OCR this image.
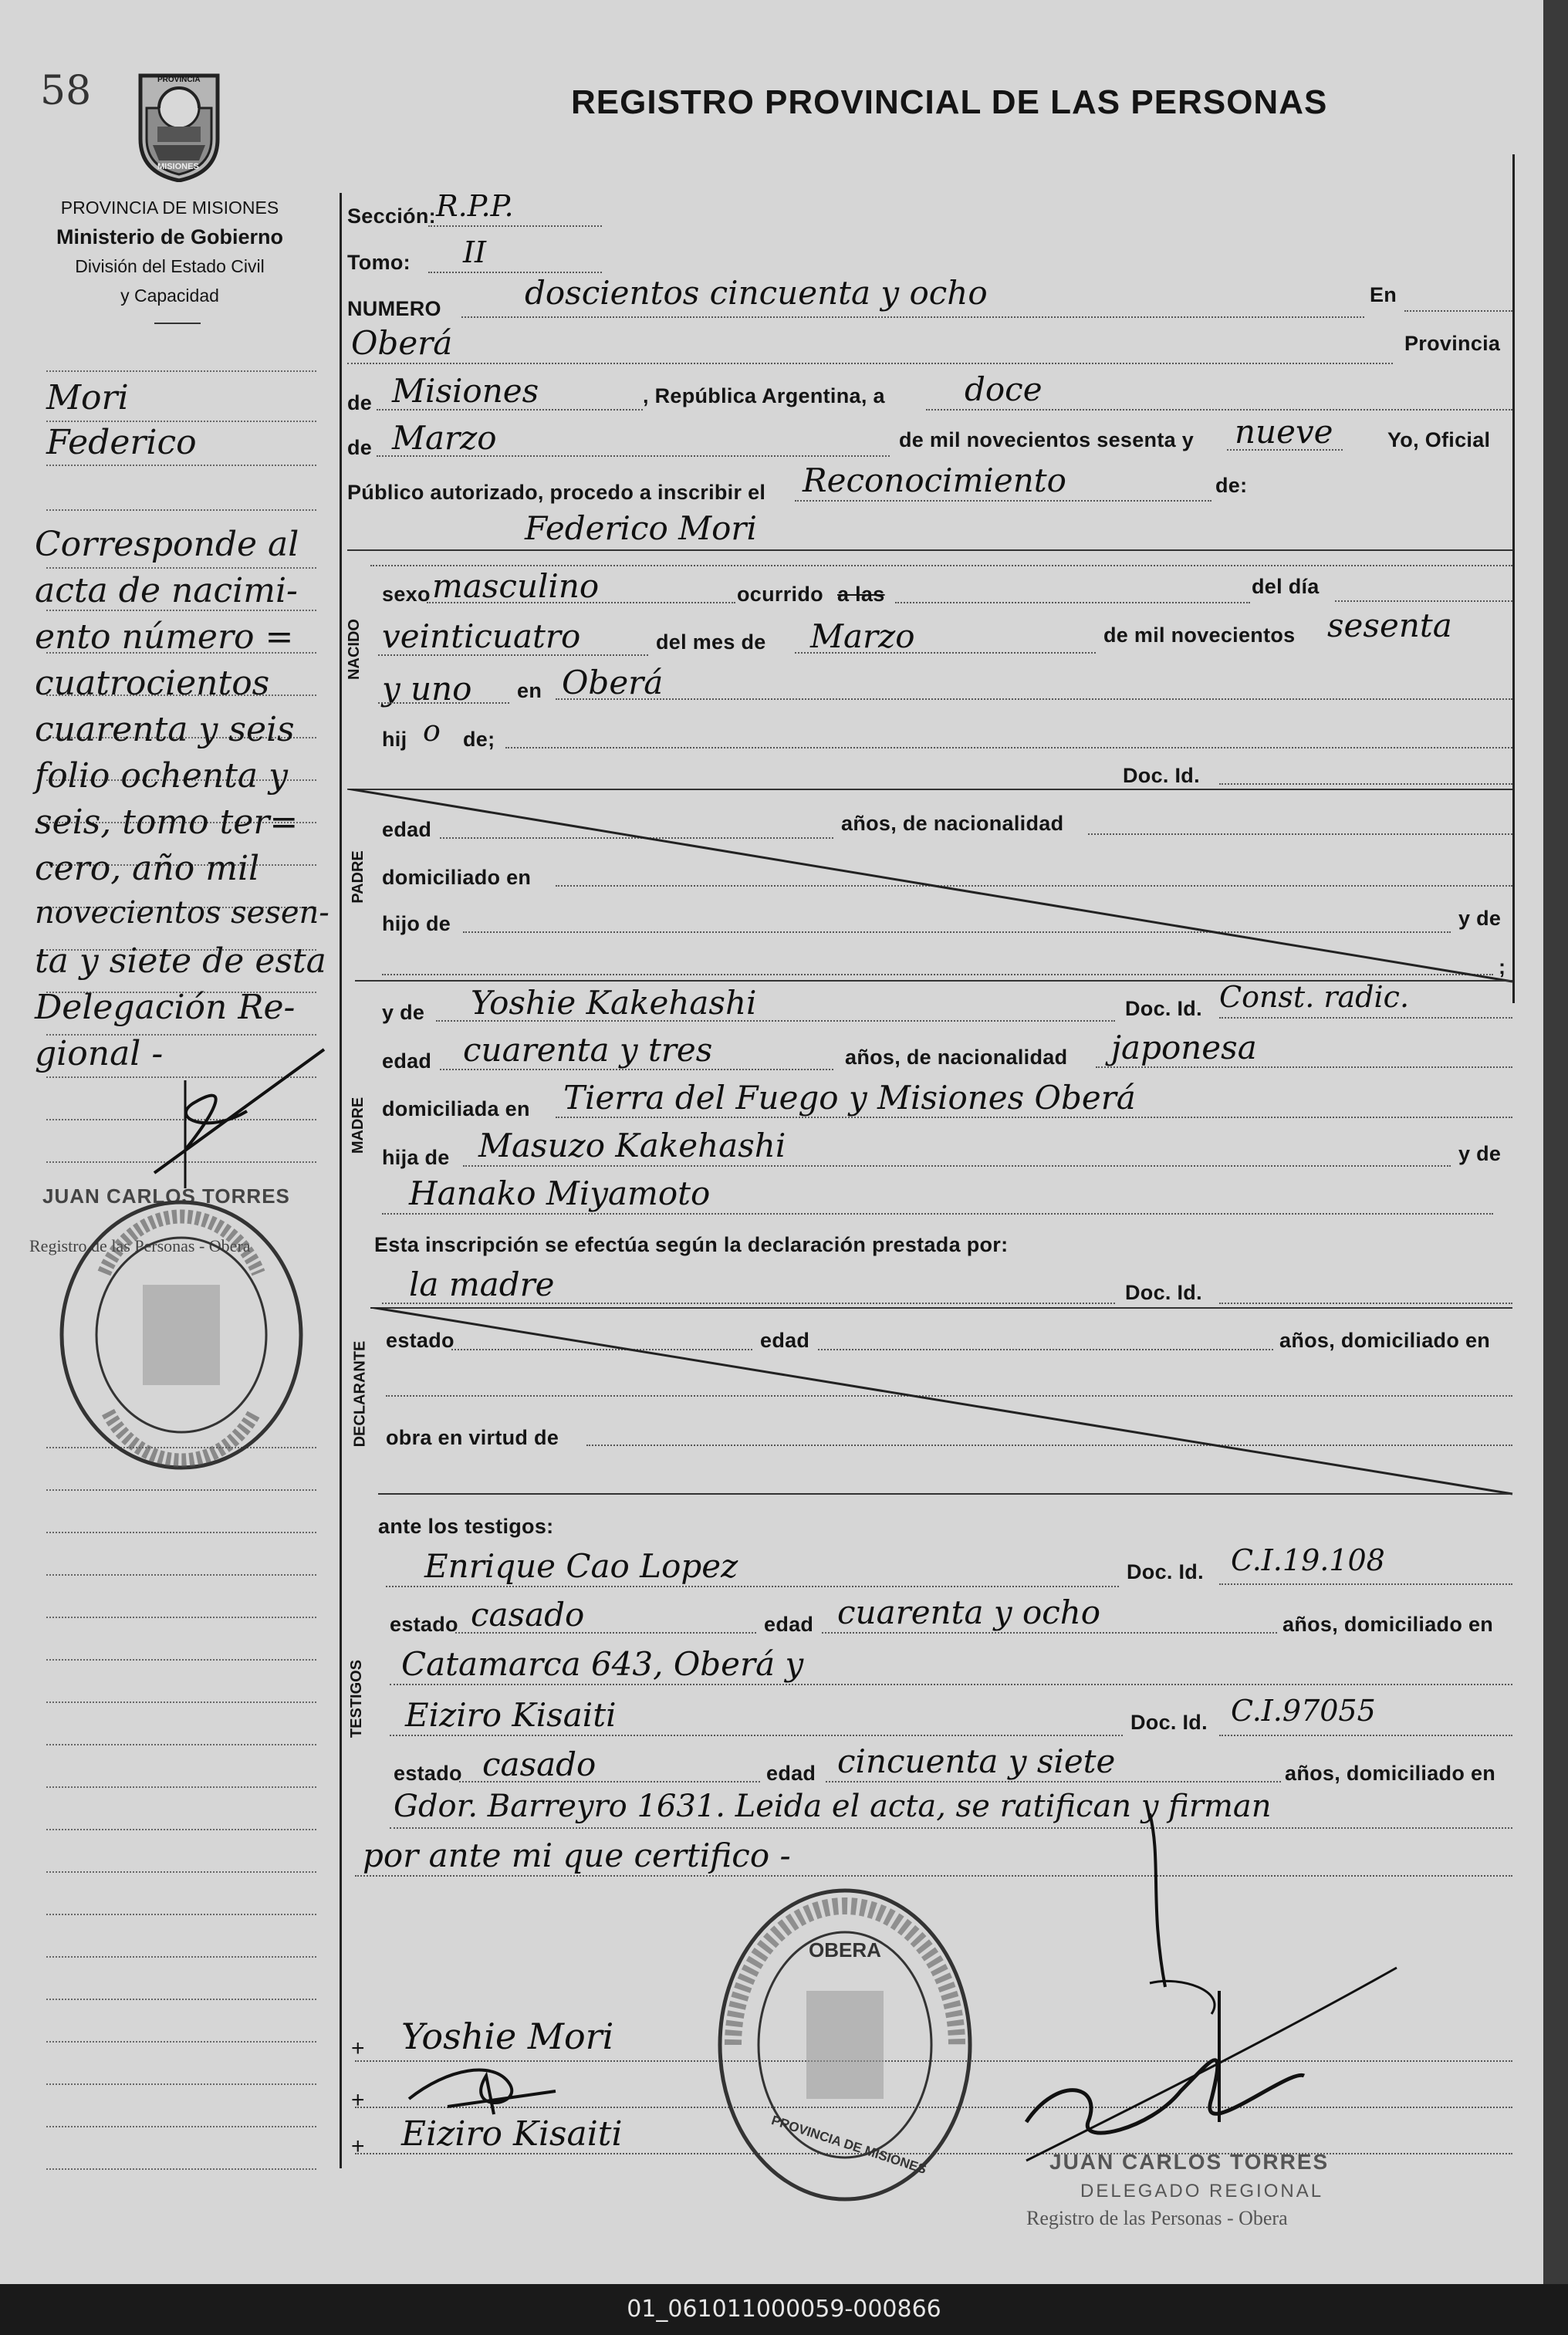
58	PROVINCIA
MISIONES
REGISTRO PROVINCIAL DE LAS PERSONAS
PROVINCIA DE MISIONES
Ministerio de Gobierno
División del Estado Civil
y Capacidad
Mori
Federico
Corresponde al
acta de nacimi-
ento número =
cuatrocientos
cuarenta y seis
folio ochenta y
seis, tomo ter=
cero, año mil
novecientos sesen-
ta y siete de esta
Delegación Re-
gional -
JUAN CARLOS TORRES
Registro de las Personas - Obera
NACIDO
PADRE
MADRE
DECLARANTE
TESTIGOS
Sección: R.P.P.
Tomo: II
NUMERO	doscientos cincuenta y ocho	En
Oberá	Provincia
de Misiones	, República Argentina, a doce
de Marzo	de mil novecientos sesenta y nueve	Yo, Oficial
Público autorizado, procedo a inscribir el Reconocimiento	de:
Federico Mori
sexo masculino	ocurrido a las	del día
veinticuatro	del mes de Marzo	de mil novecientos sesenta
y uno en Oberá
hij o de;
Doc. Id.
edad	años, de nacionalidad
domiciliado en
hijo de	y de
;
y de Yoshie Kakehashi	Doc. Id. Const. radic.
edad cuarenta y tres	años, de nacionalidad japonesa
domiciliada en Tierra del Fuego y Misiones Oberá
hija de Masuzo Kakehashi	y de
Hanako Miyamoto
Esta inscripción se efectúa según la declaración prestada por:
la madre	Doc. Id.
estado	edad	años, domiciliado en
obra en virtud de
ante los testigos:
Enrique Cao Lopez	Doc. Id. C.I.19.108
estado casado	edad cuarenta y ocho	años, domiciliado en
Catamarca 643, Oberá y
Eiziro Kisaiti	Doc. Id. C.I.97055
estado casado	edad cincuenta y siete	años, domiciliado en
Gdor. Barreyro 1631. Leida el acta, se ratifican y firman
por ante mi que certifico -
+
+
+
Yoshie Mori
Eiziro Kisaiti
OBERA
PROVINCIA DE MISIONES	JUAN CARLOS TORRES
DELEGADO REGIONAL
Registro de las Personas - Obera
01_061011000059-000866
